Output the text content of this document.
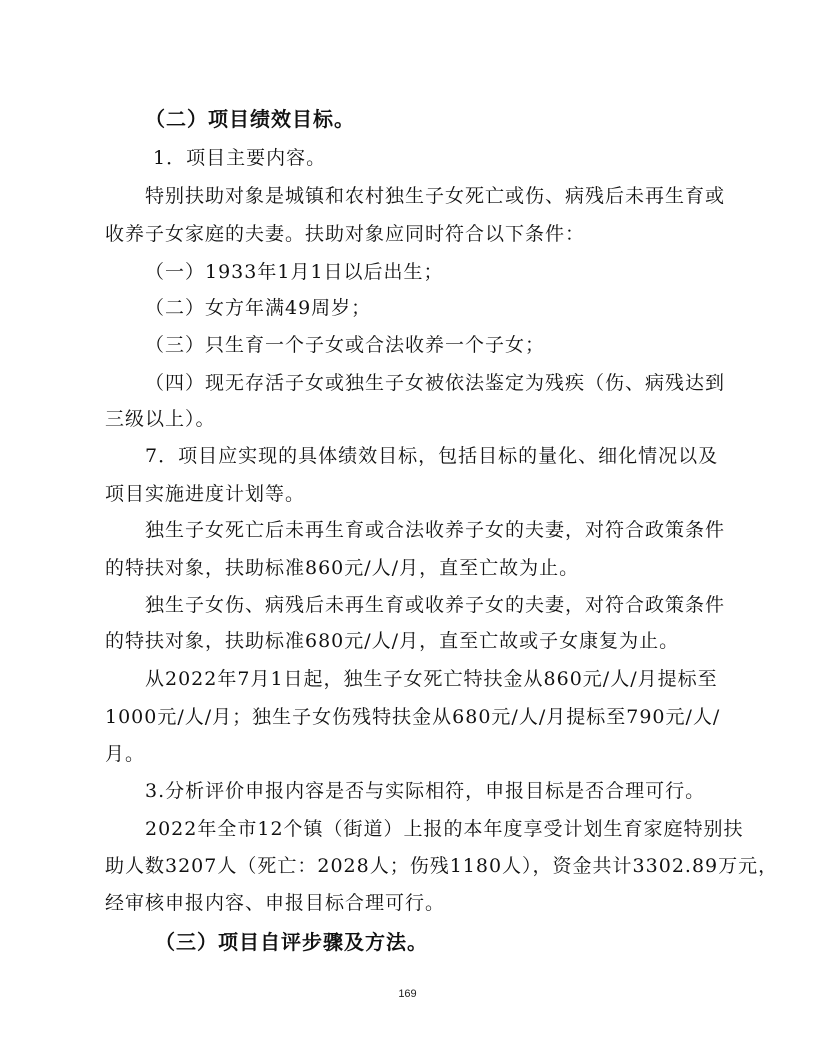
（二）项目绩效目标。
1．项目主要内容。
特别扶助对象是城镇和农村独生子女死亡或伤、病残后未再生育或
收养子女家庭的夫妻。扶助对象应同时符合以下条件：
（一）1933年1月1日以后出生；
（二）女方年满49周岁；
（三）只生育一个子女或合法收养一个子女；
（四）现无存活子女或独生子女被依法鉴定为残疾（伤、病残达到
三级以上）。
7．项目应实现的具体绩效目标，包括目标的量化、细化情况以及
项目实施进度计划等。
独生子女死亡后未再生育或合法收养子女的夫妻，对符合政策条件
的特扶对象，扶助标准860元/人/月，直至亡故为止。
独生子女伤、病残后未再生育或收养子女的夫妻，对符合政策条件
的特扶对象，扶助标准680元/人/月，直至亡故或子女康复为止。
从2022年7月1日起，独生子女死亡特扶金从860元/人/月提标至
1000元/人/月；独生子女伤残特扶金从680元/人/月提标至790元/人/
月。
3.分析评价申报内容是否与实际相符，申报目标是否合理可行。
2022年全市12个镇（街道）上报的本年度享受计划生育家庭特别扶
助人数3207人（死亡：2028人；伤残1180人），资金共计3302.89万元，
经审核申报内容、申报目标合理可行。
（三）项目自评步骤及方法。
169
